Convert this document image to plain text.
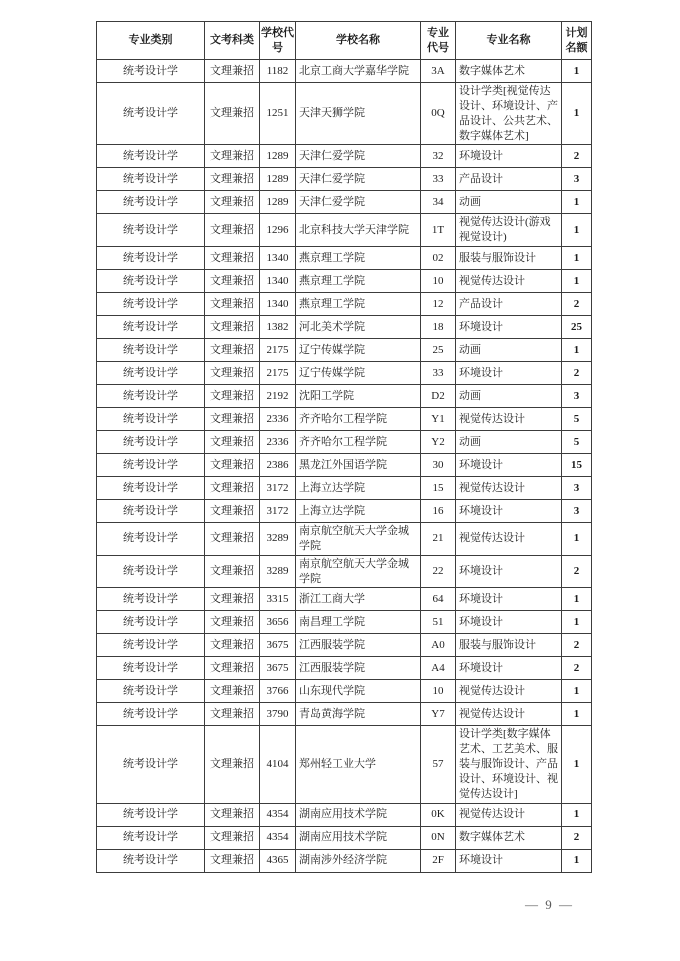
专业类别	文考科类	学校代号	学校名称	专业代号	专业名称	计划名额
统考设计学	文理兼招	1182	北京工商大学嘉华学院	3A	数字媒体艺术	1
统考设计学	文理兼招	1251	天津天狮学院	0Q	设计学类[视觉传达设计、环境设计、产品设计、公共艺术、数字媒体艺术]	1
统考设计学	文理兼招	1289	天津仁爱学院	32	环境设计	2
统考设计学	文理兼招	1289	天津仁爱学院	33	产品设计	3
统考设计学	文理兼招	1289	天津仁爱学院	34	动画	1
统考设计学	文理兼招	1296	北京科技大学天津学院	1T	视觉传达设计(游戏视觉设计)	1
统考设计学	文理兼招	1340	燕京理工学院	02	服装与服饰设计	1
统考设计学	文理兼招	1340	燕京理工学院	10	视觉传达设计	1
统考设计学	文理兼招	1340	燕京理工学院	12	产品设计	2
统考设计学	文理兼招	1382	河北美术学院	18	环境设计	25
统考设计学	文理兼招	2175	辽宁传媒学院	25	动画	1
统考设计学	文理兼招	2175	辽宁传媒学院	33	环境设计	2
统考设计学	文理兼招	2192	沈阳工学院	D2	动画	3
统考设计学	文理兼招	2336	齐齐哈尔工程学院	Y1	视觉传达设计	5
统考设计学	文理兼招	2336	齐齐哈尔工程学院	Y2	动画	5
统考设计学	文理兼招	2386	黑龙江外国语学院	30	环境设计	15
统考设计学	文理兼招	3172	上海立达学院	15	视觉传达设计	3
统考设计学	文理兼招	3172	上海立达学院	16	环境设计	3
统考设计学	文理兼招	3289	南京航空航天大学金城学院	21	视觉传达设计	1
统考设计学	文理兼招	3289	南京航空航天大学金城学院	22	环境设计	2
统考设计学	文理兼招	3315	浙江工商大学	64	环境设计	1
统考设计学	文理兼招	3656	南昌理工学院	51	环境设计	1
统考设计学	文理兼招	3675	江西服装学院	A0	服装与服饰设计	2
统考设计学	文理兼招	3675	江西服装学院	A4	环境设计	2
统考设计学	文理兼招	3766	山东现代学院	10	视觉传达设计	1
统考设计学	文理兼招	3790	青岛黄海学院	Y7	视觉传达设计	1
统考设计学	文理兼招	4104	郑州轻工业大学	57	设计学类[数字媒体艺术、工艺美术、服装与服饰设计、产品设计、环境设计、视觉传达设计]	1
统考设计学	文理兼招	4354	湖南应用技术学院	0K	视觉传达设计	1
统考设计学	文理兼招	4354	湖南应用技术学院	0N	数字媒体艺术	2
统考设计学	文理兼招	4365	湖南涉外经济学院	2F	环境设计	1
— 9 —
